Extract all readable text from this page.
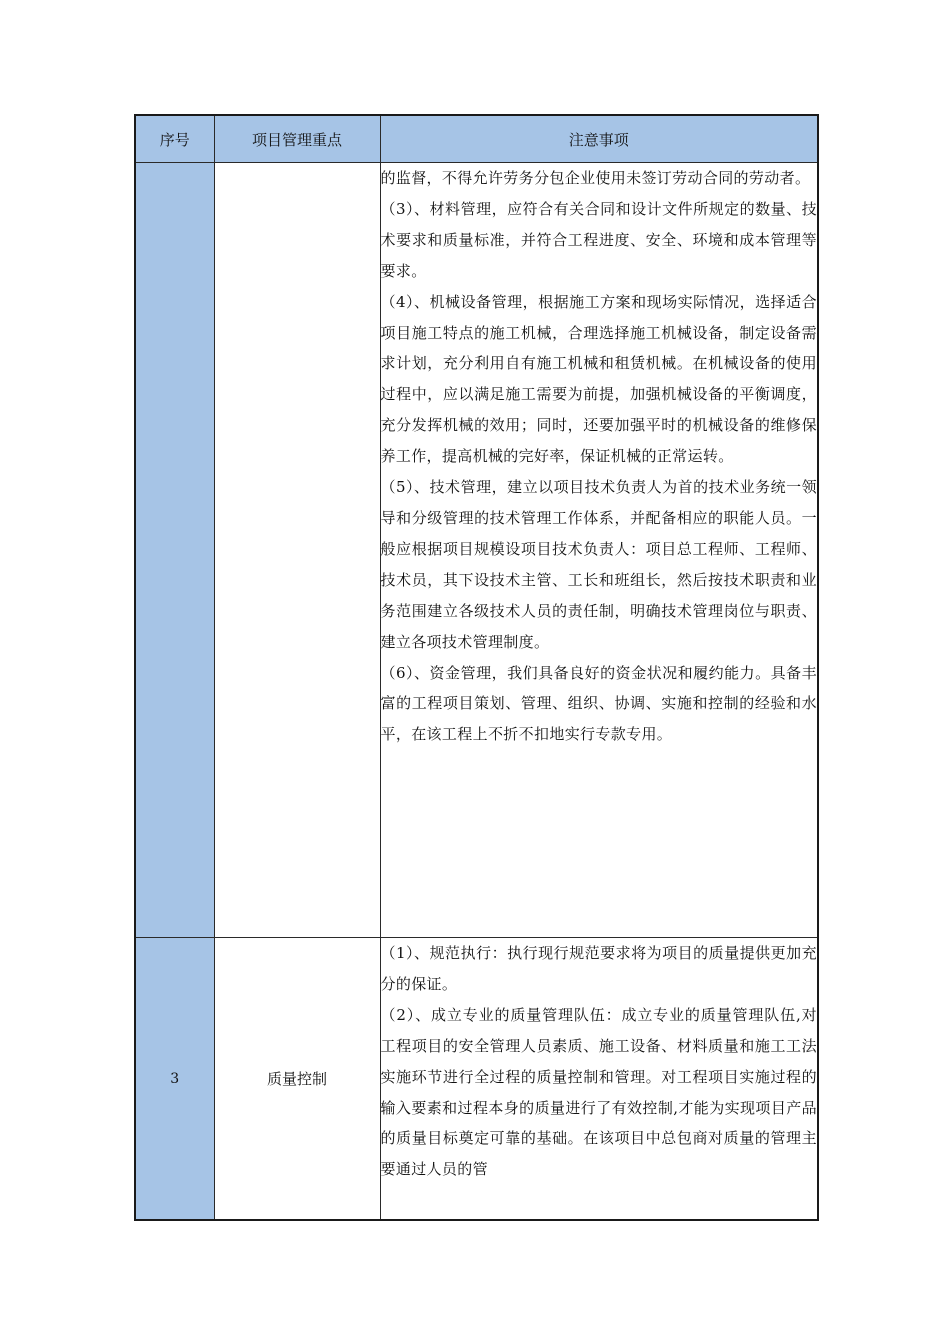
序号	项目管理重点	注意事项

		的监督，不得允许劳务分包企业使用未签订劳动合同的劳动者。

（3）、材料管理，应符合有关合同和设计文件所规定的数量、技术要求和质量标准，并符合工程进度、安全、环境和成本管理等要求。

（4）、机械设备管理，根据施工方案和现场实际情况，选择适合项目施工特点的施工机械，合理选择施工机械设备，制定设备需求计划，充分利用自有施工机械和租赁机械。在机械设备的使用过程中，应以满足施工需要为前提，加强机械设备的平衡调度，充分发挥机械的效用；同时，还要加强平时的机械设备的维修保养工作，提高机械的完好率，保证机械的正常运转。

（5）、技术管理，建立以项目技术负责人为首的技术业务统一领导和分级管理的技术管理工作体系，并配备相应的职能人员。一般应根据项目规模设项目技术负责人：项目总工程师、工程师、技术员，其下设技术主管、工长和班组长，然后按技术职责和业务范围建立各级技术人员的责任制，明确技术管理岗位与职责、建立各项技术管理制度。

（6）、资金管理，我们具备良好的资金状况和履约能力。具备丰富的工程项目策划、管理、组织、协调、实施和控制的经验和水平，在该工程上不折不扣地实行专款专用。

3	质量控制	（1）、规范执行：执行现行规范要求将为项目的质量提供更加充分的保证。

（2）、成立专业的质量管理队伍：成立专业的质量管理队伍,对工程项目的安全管理人员素质、施工设备、材料质量和施工工法实施环节进行全过程的质量控制和管理。对工程项目实施过程的输入要素和过程本身的质量进行了有效控制,才能为实现项目产品的质量目标奠定可靠的基础。在该项目中总包商对质量的管理主要通过人员的管
